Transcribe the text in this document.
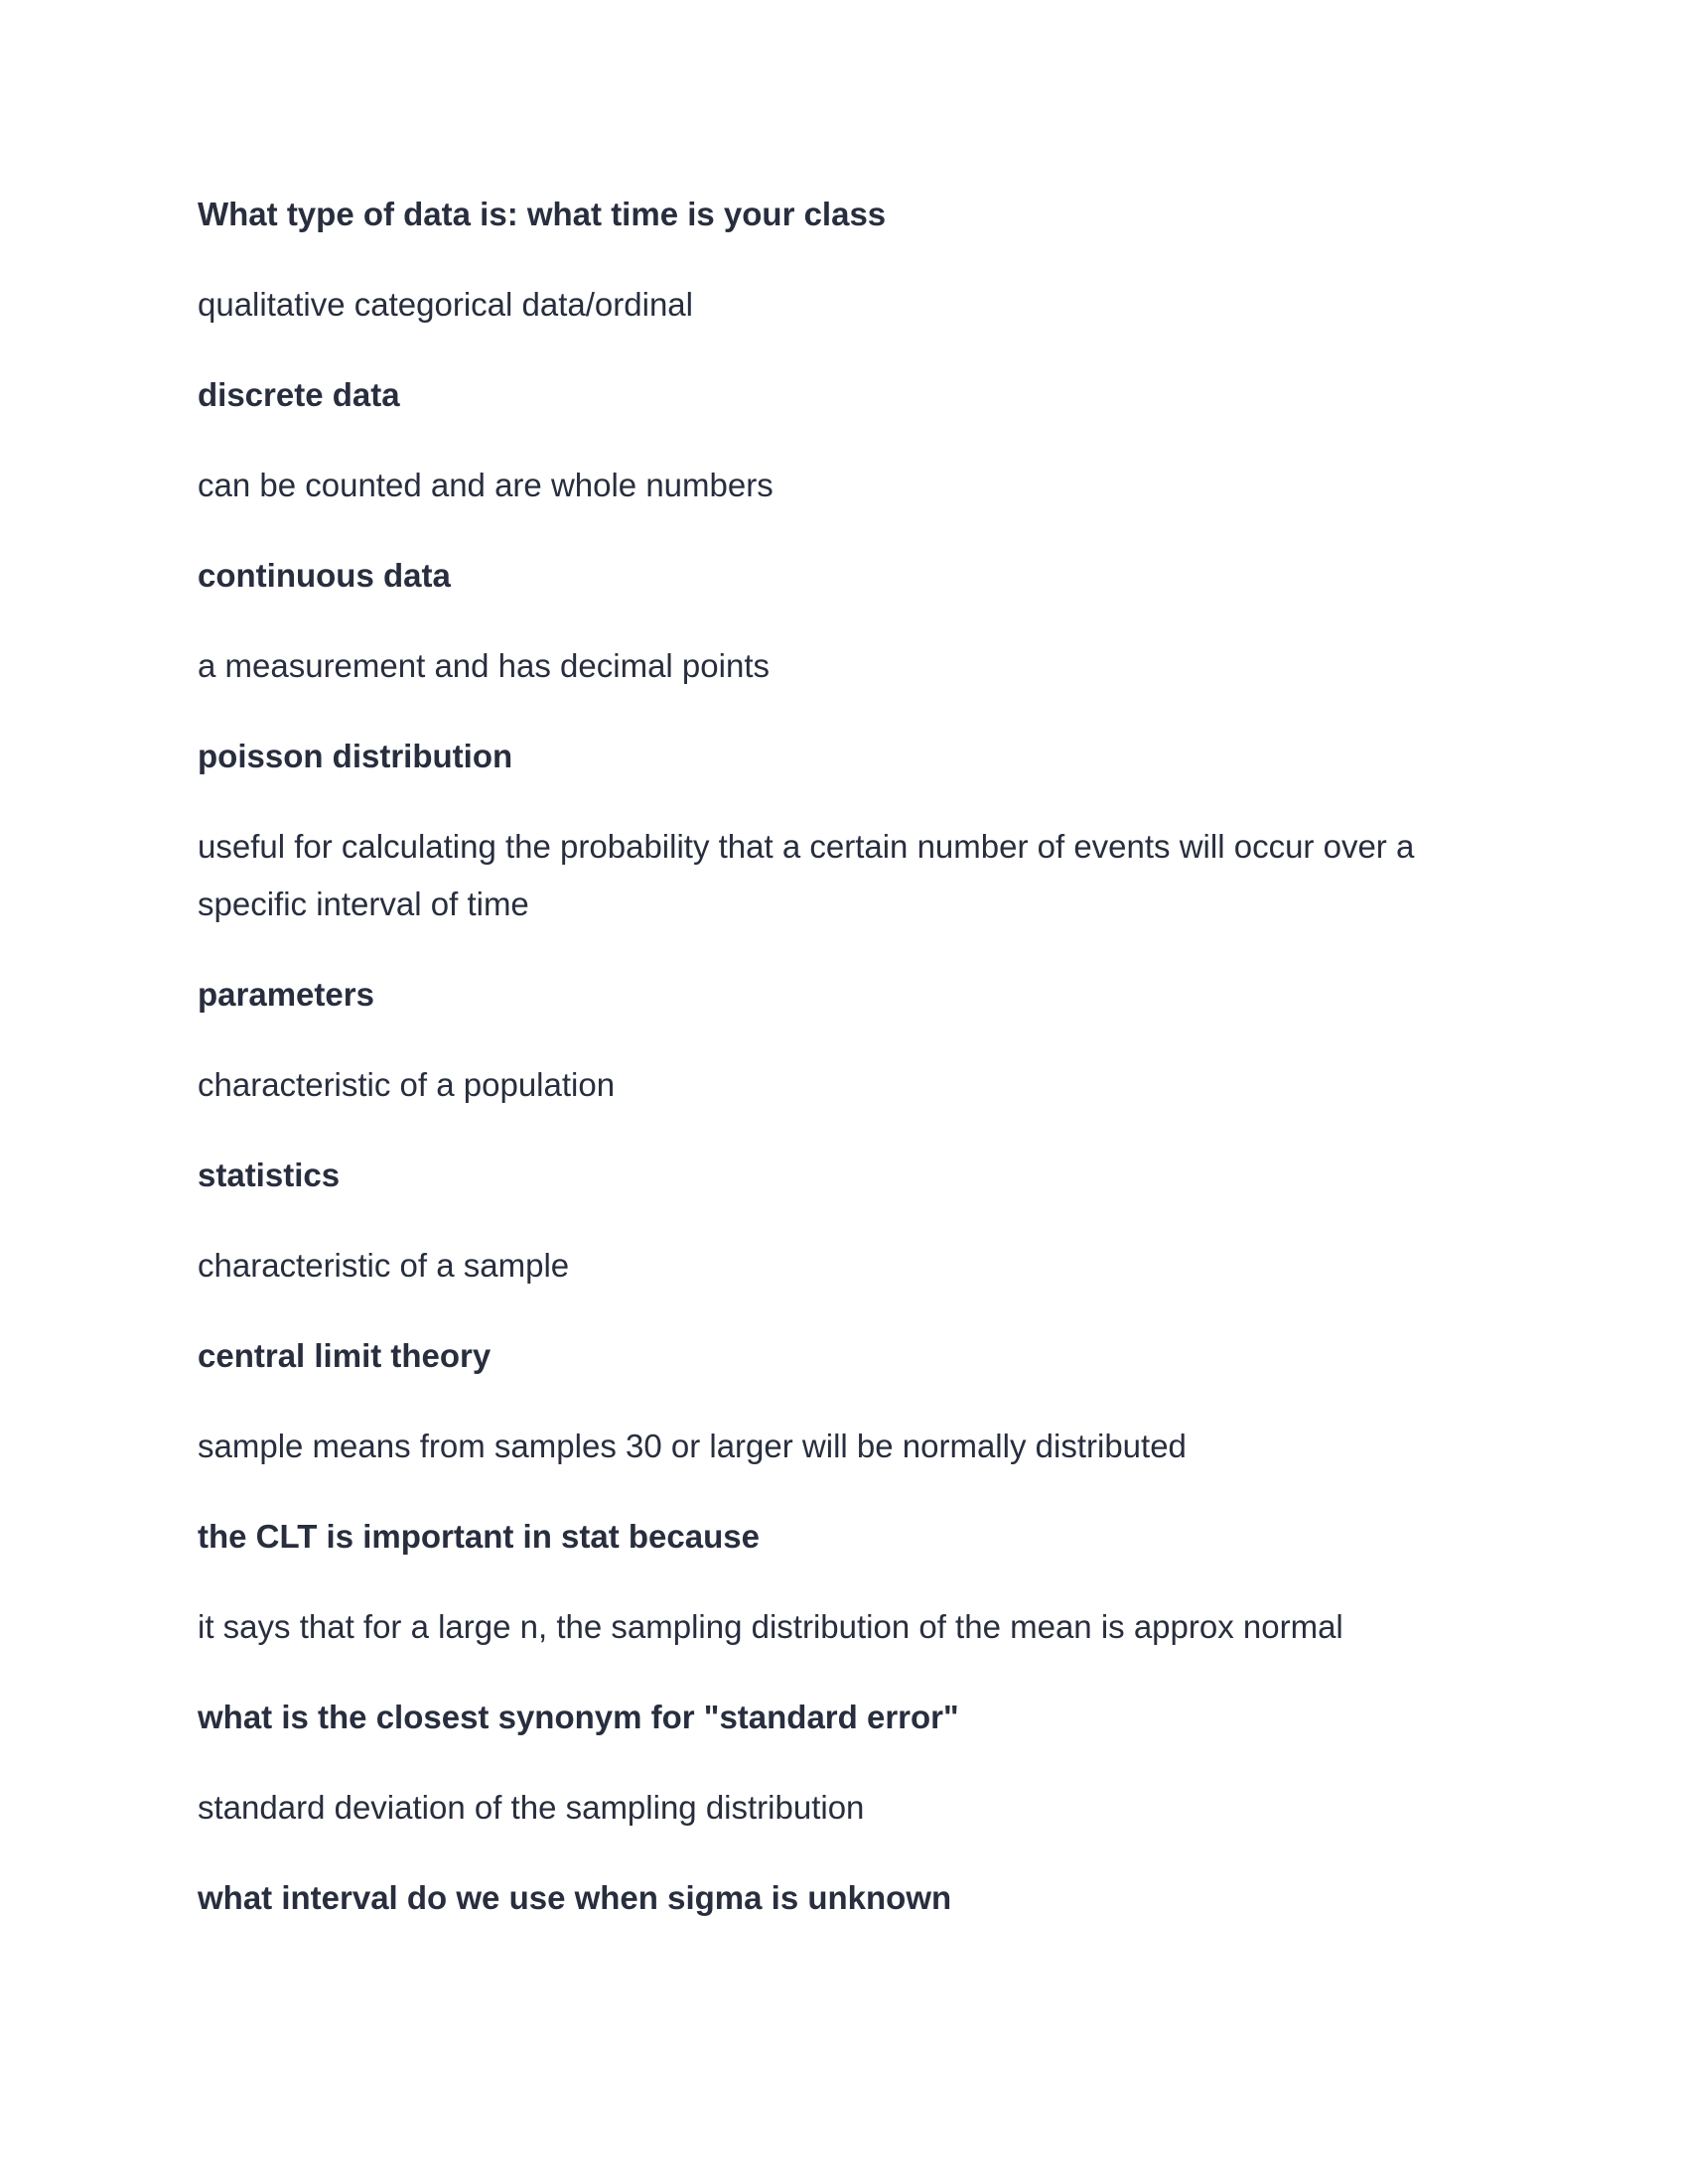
What type of data is: what time is your class

qualitative categorical data/ordinal

discrete data

can be counted and are whole numbers

continuous data

a measurement and has decimal points

poisson distribution

useful for calculating the probability that a certain number of events will occur over a specific interval of time

parameters

characteristic of a population

statistics

characteristic of a sample

central limit theory

sample means from samples 30 or larger will be normally distributed

the CLT is important in stat because

it says that for a large n, the sampling distribution of the mean is approx normal

what is the closest synonym for "standard error"

standard deviation of the sampling distribution

what interval do we use when sigma is unknown
